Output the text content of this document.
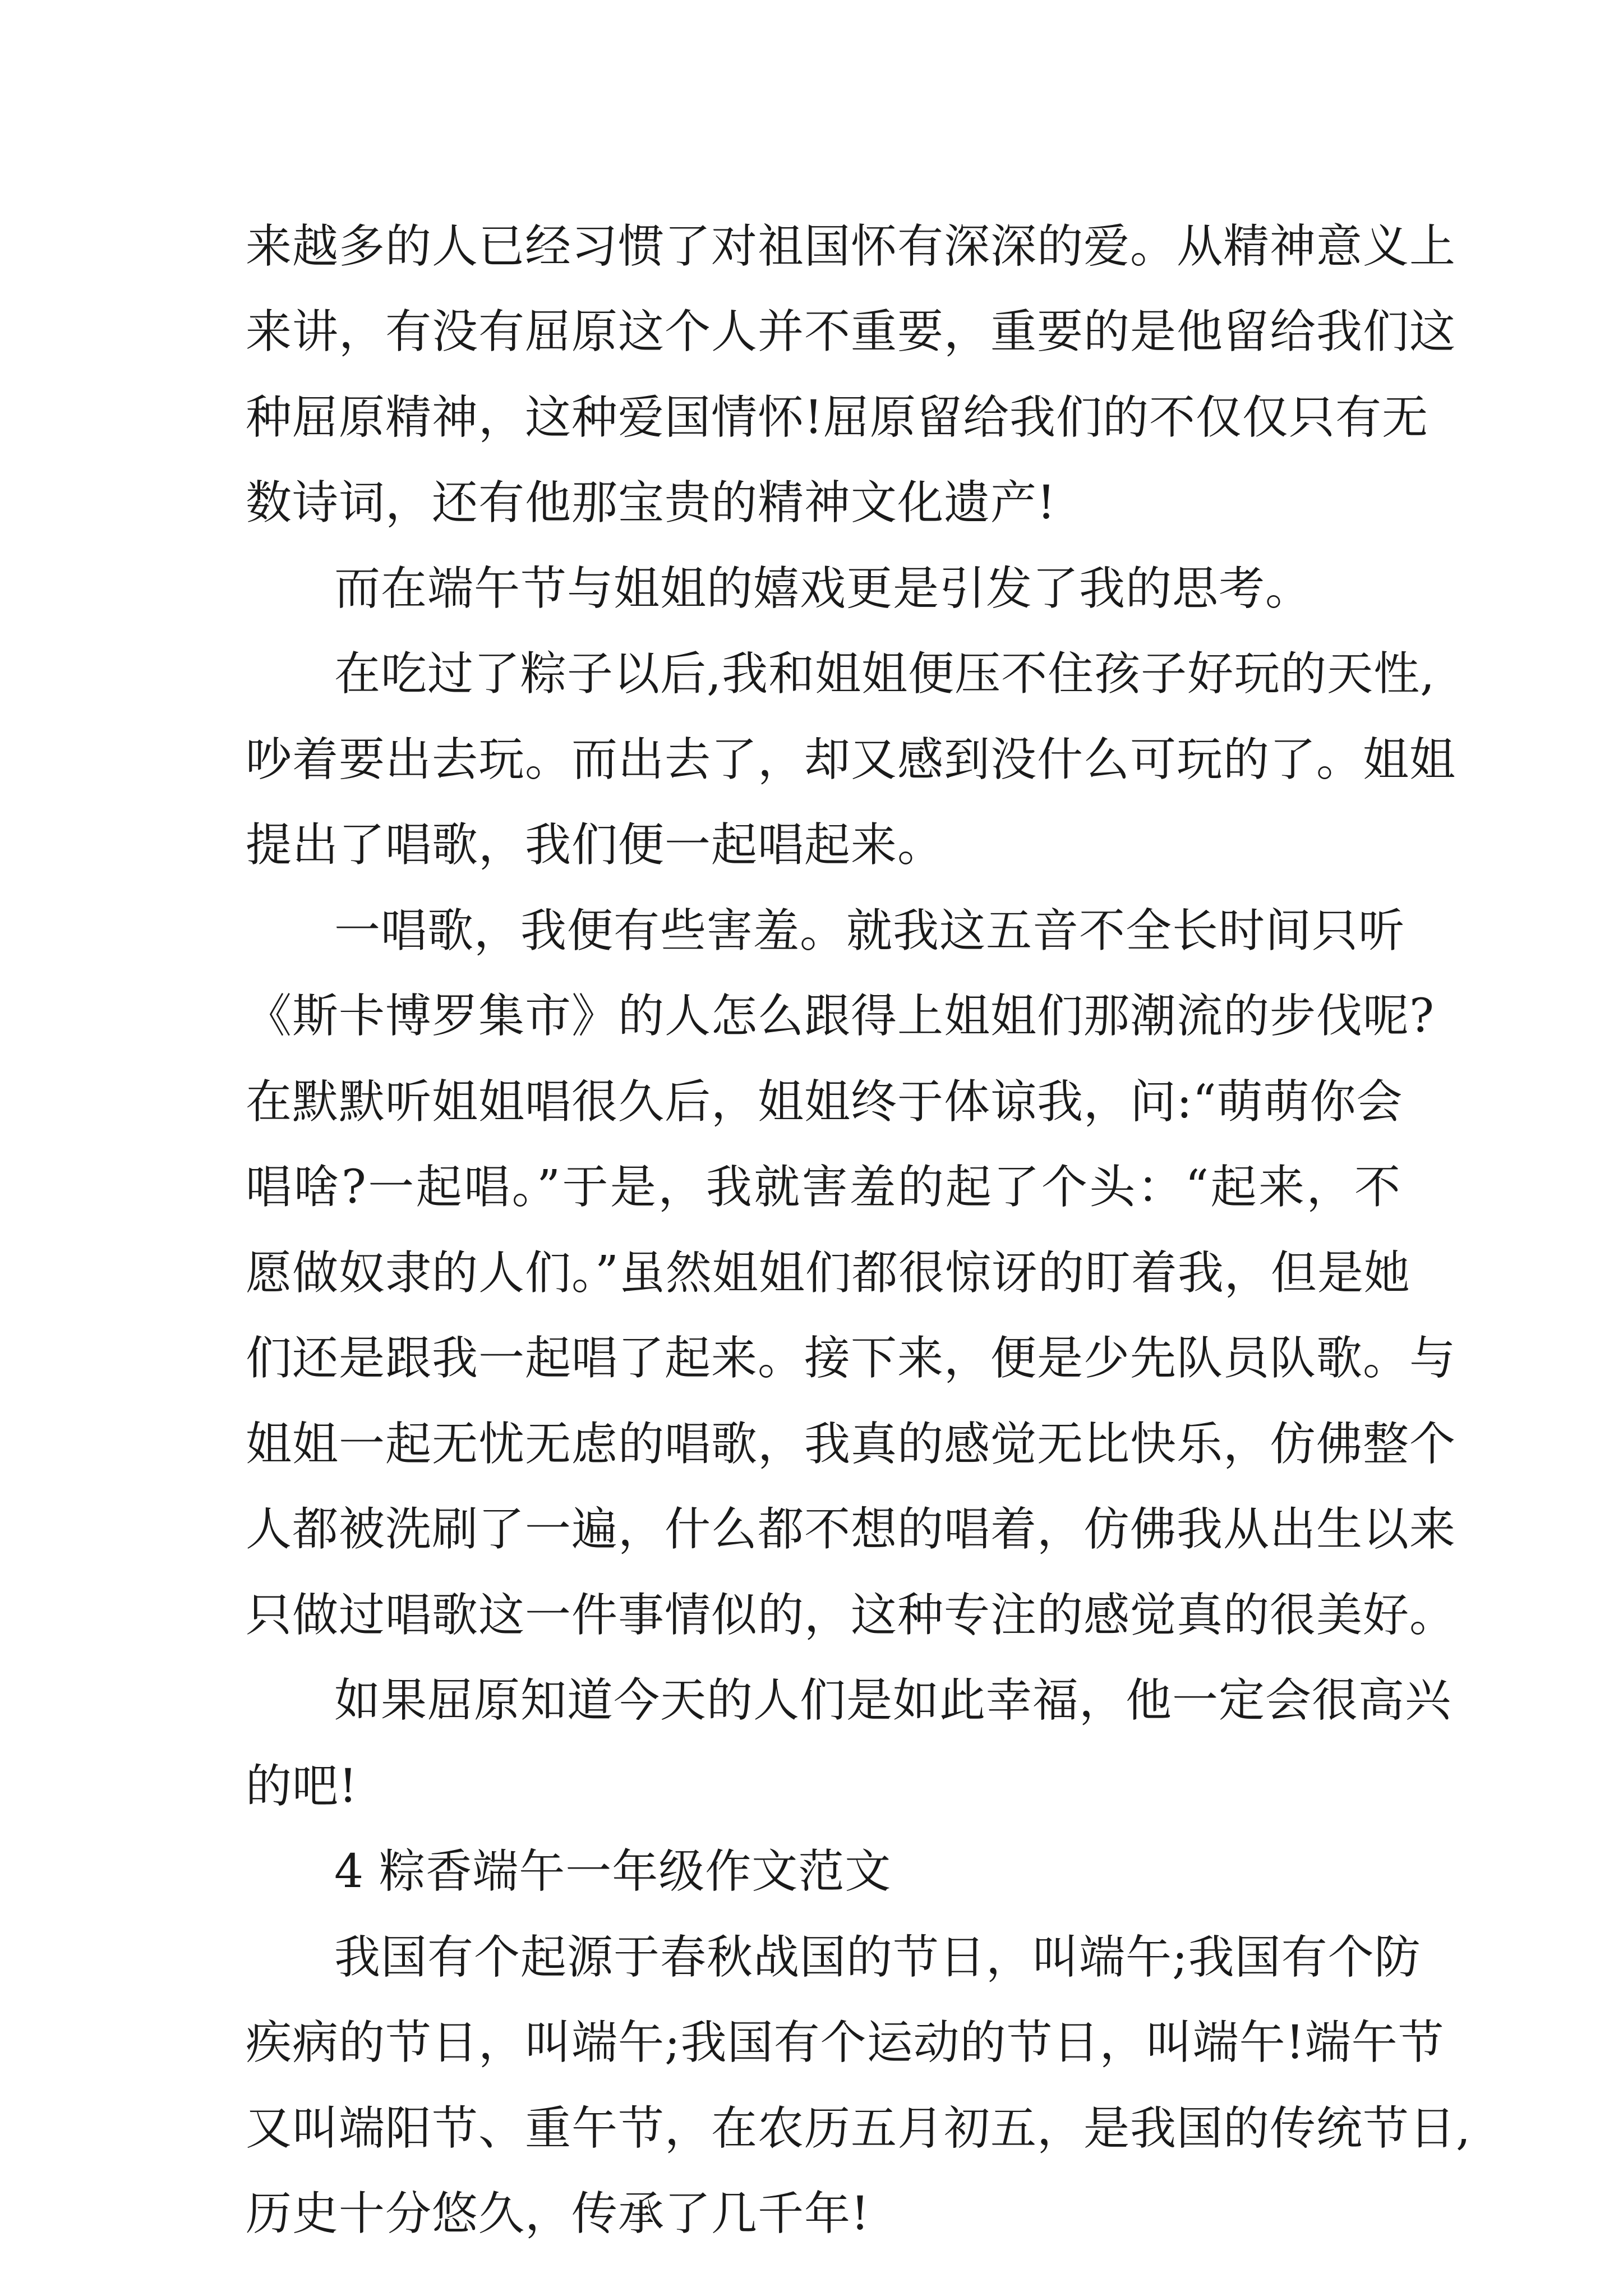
来越多的人已经习惯了对祖国怀有深深的爱。从精神意义上
来讲，有没有屈原这个人并不重要，重要的是他留给我们这
种屈原精神，这种爱国情怀!屈原留给我们的不仅仅只有无
数诗词，还有他那宝贵的精神文化遗产!
而在端午节与姐姐的嬉戏更是引发了我的思考。
在吃过了粽子以后,我和姐姐便压不住孩子好玩的天性,
吵着要出去玩。而出去了，却又感到没什么可玩的了。姐姐
提出了唱歌，我们便一起唱起来。
一唱歌，我便有些害羞。就我这五音不全长时间只听
《斯卡博罗集市》的人怎么跟得上姐姐们那潮流的步伐呢?
在默默听姐姐唱很久后，姐姐终于体谅我，问:“萌萌你会
唱啥?一起唱。”于是，我就害羞的起了个头：“起来，不
愿做奴隶的人们。”虽然姐姐们都很惊讶的盯着我，但是她
们还是跟我一起唱了起来。接下来，便是少先队员队歌。与
姐姐一起无忧无虑的唱歌，我真的感觉无比快乐，仿佛整个
人都被洗刷了一遍，什么都不想的唱着，仿佛我从出生以来
只做过唱歌这一件事情似的，这种专注的感觉真的很美好。
如果屈原知道今天的人们是如此幸福，他一定会很高兴
的吧!
4 粽香端午一年级作文范文
我国有个起源于春秋战国的节日，叫端午;我国有个防
疾病的节日，叫端午;我国有个运动的节日，叫端午!端午节
又叫端阳节、重午节，在农历五月初五，是我国的传统节日,
历史十分悠久，传承了几千年!
